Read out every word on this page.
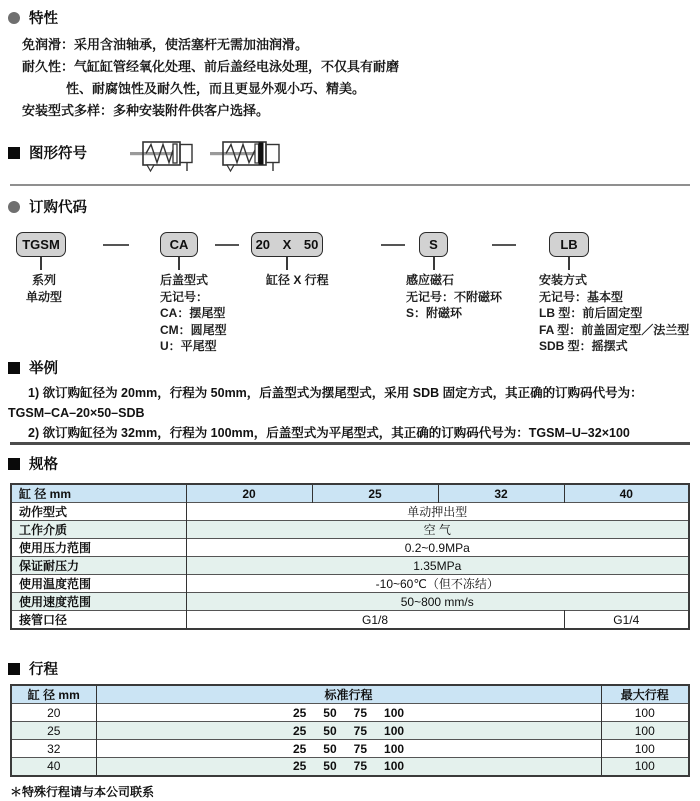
特性
免润滑：采用含油轴承，使活塞杆无需加油润滑。
耐久性：气缸缸管经氧化处理、前后盖经电泳处理，不仅具有耐磨
性、耐腐蚀性及耐久性，而且更显外观小巧、精美。
安装型式多样：多种安装附件供客户选择。
图形符号
订购代码
TGSM	CA	20 X 50	S	LB
系列
单动型
后盖型式
无记号：
CA：摆尾型
CM：圆尾型
U：平尾型
缸径 X 行程	感应磁石
无记号：不附磁环
S：附磁环
安装方式
无记号：基本型
LB 型：前后固定型
FA 型：前盖固定型／法兰型
SDB 型：摇摆式
举例
1) 欲订购缸径为 20mm，行程为 50mm，后盖型式为摆尾型式，采用 SDB 固定方式，其正确的订购码代号为：
TGSM–CA–20×50–SDB
2) 欲订购缸径为 32mm，行程为 100mm，后盖型式为平尾型式，其正确的订购码代号为：TGSM–U–32×100
规格
缸 径 mm	20	25	32	40
动作型式	单动押出型			
工作介质	空 气			
使用压力范围	0.2~0.9MPa			
保证耐压力	1.35MPa			
使用温度范围	-10~60℃（但不冻结）			
使用速度范围	50~800 mm/s			
接管口径	G1/8			G1/4
行程
缸 径 mm	标准行程	最大行程
20	25 50 75 100	100
25	25 50 75 100	100
32	25 50 75 100	100
40	25 50 75 100	100
＊特殊行程请与本公司联系
